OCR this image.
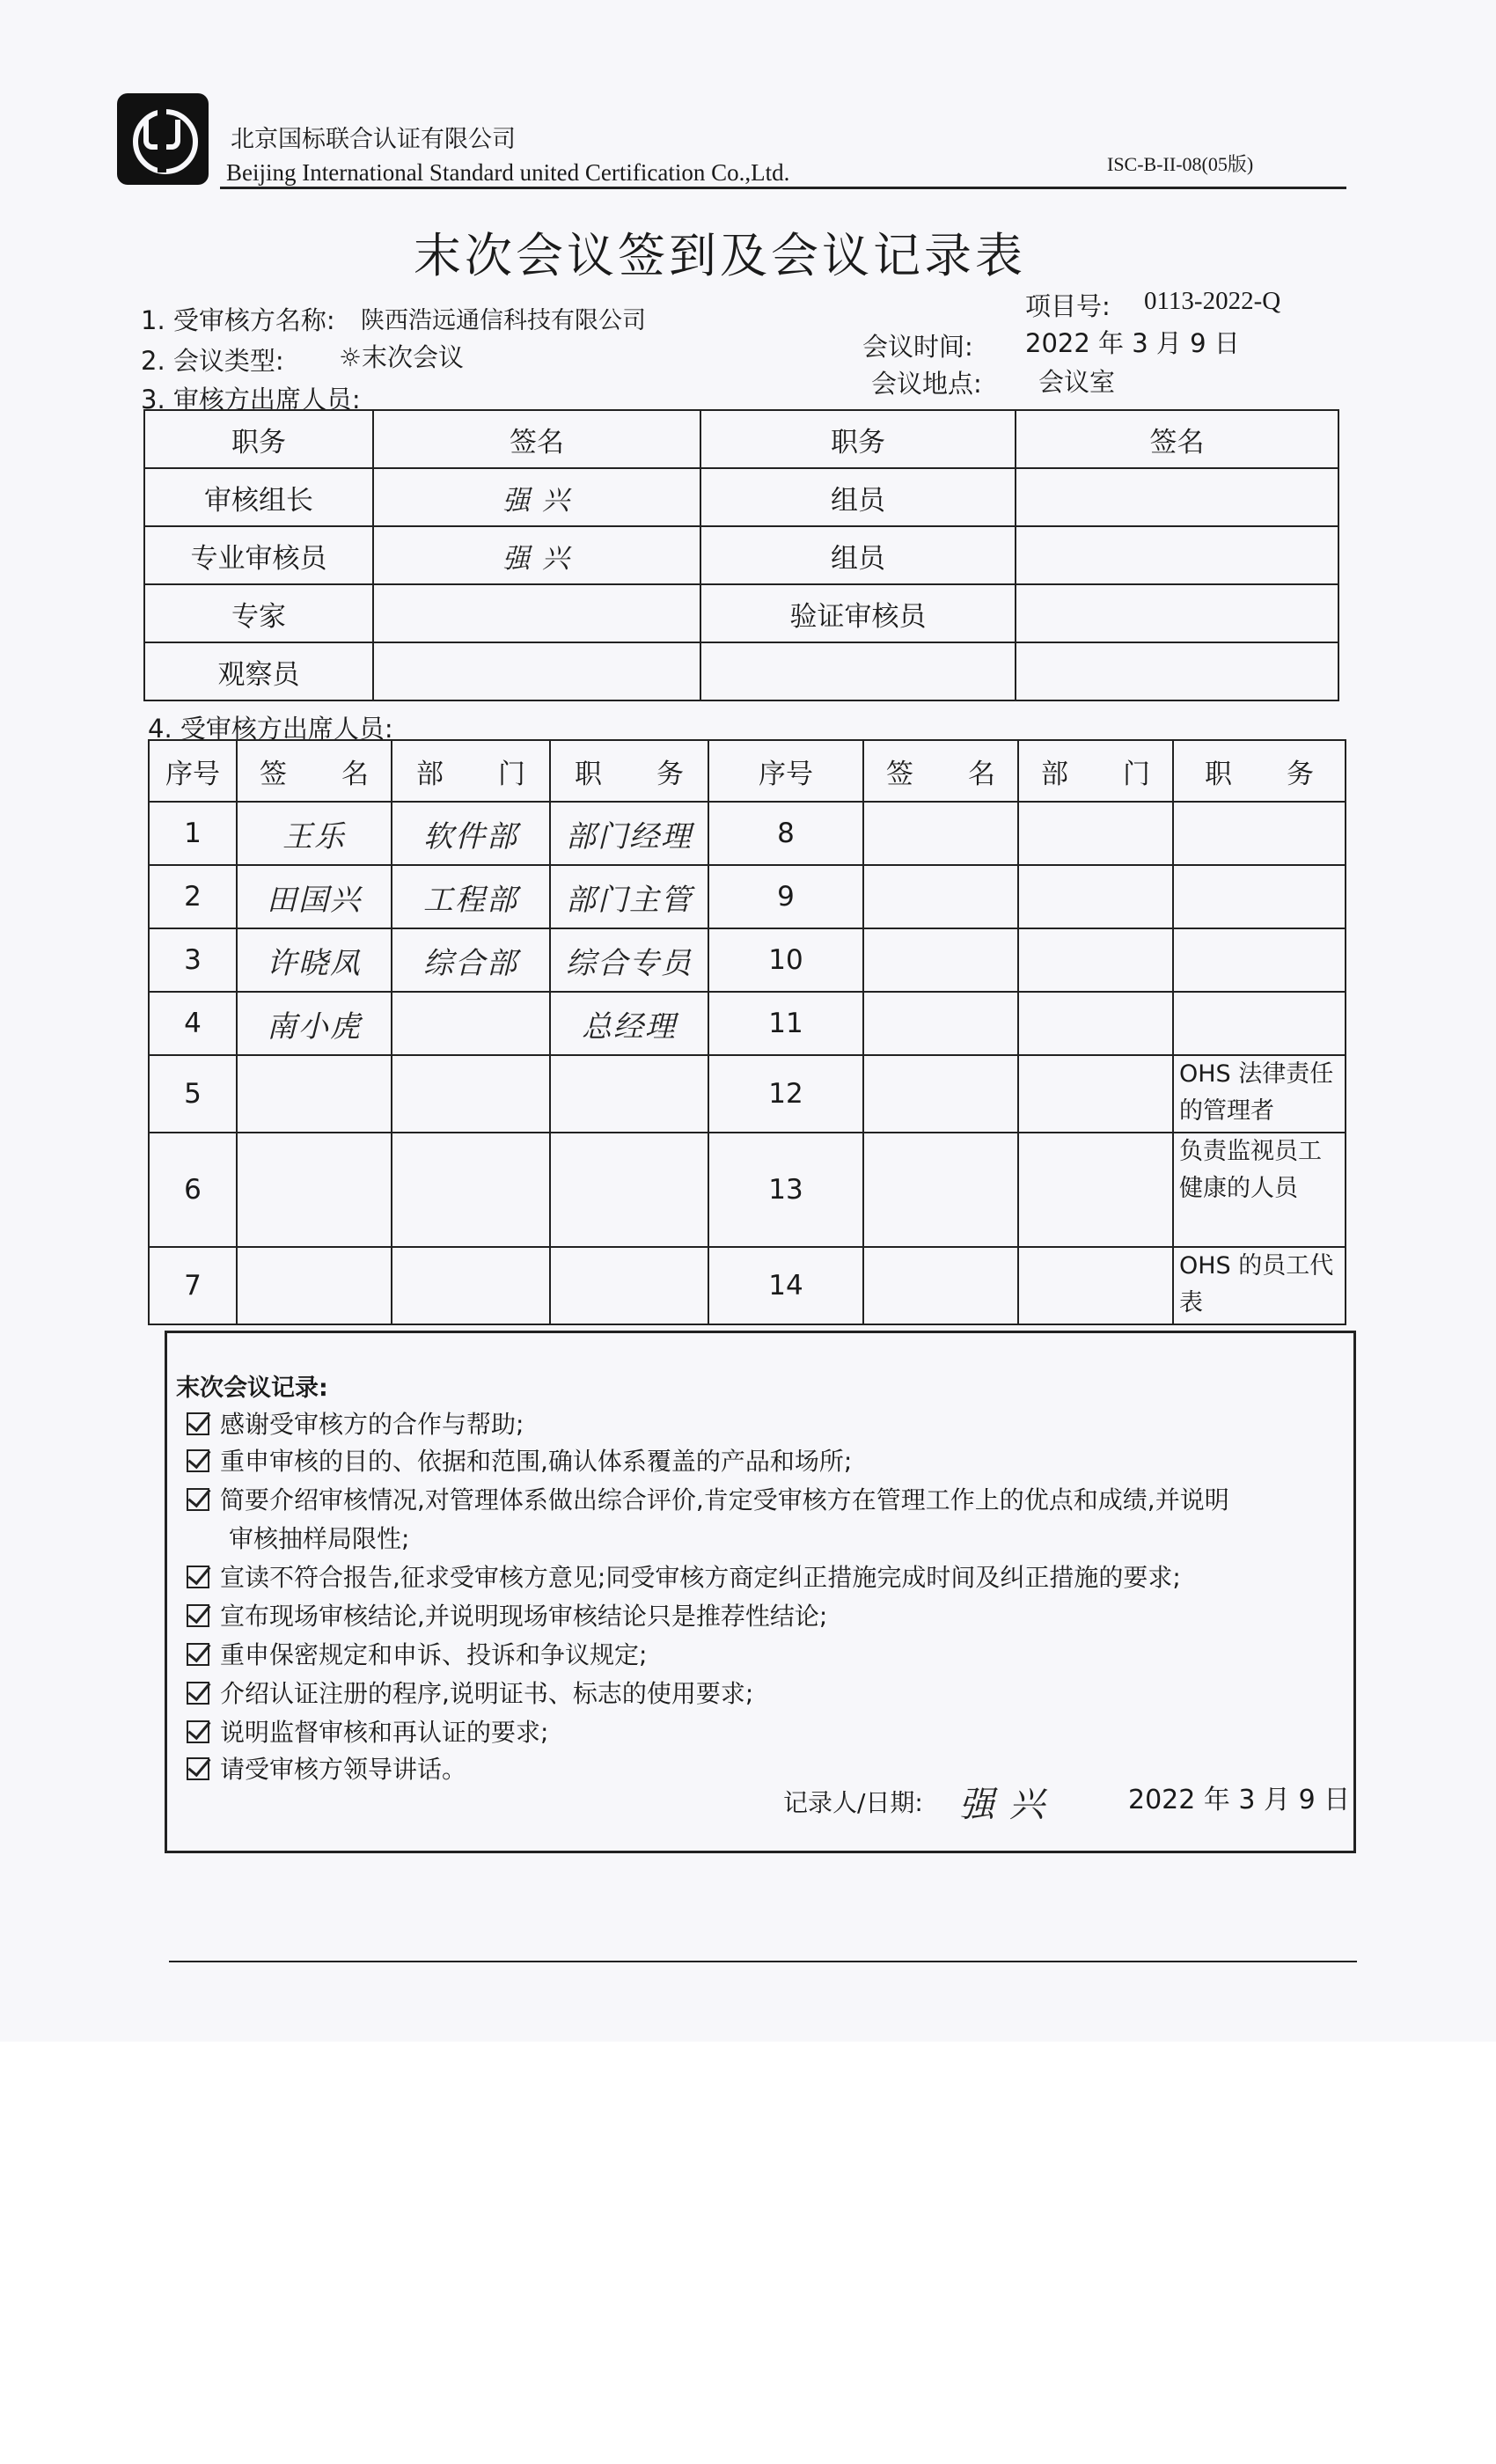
北京国标联合认证有限公司
Beijing International Standard united Certification Co.,Ltd.	ISC-B-II-08(05版)
末次会议签到及会议记录表
1. 受审核方名称: 陕西浩远通信科技有限公司	项目号: 0113-2022-Q
2. 会议类型: ☼末次会议	会议时间: 2022 年 3 月 9 日
会议地点: 会议室
3. 审核方出席人员:
职务	签名	职务	签名
审核组长	强 兴	组员	
专业审核员	强 兴	组员	
专家		验证审核员	
观察员			
4. 受审核方出席人员:
序号	签　　名	部　　门	职　　务	序号	签　　名	部　　门	职　　务
1	王乐	软件部	部门经理	8			
2	田国兴	工程部	部门主管	9			
3	许晓凤	综合部	综合专员	10			
4	南小虎		总经理	11			
5				12			OHS 法律责任的管理者
6				13			负责监视员工健康的人员
7				14			OHS 的员工代表
末次会议记录:
感谢受审核方的合作与帮助;
重申审核的目的、依据和范围,确认体系覆盖的产品和场所;
简要介绍审核情况,对管理体系做出综合评价,肯定受审核方在管理工作上的优点和成绩,并说明
审核抽样局限性;
宣读不符合报告,征求受审核方意见;同受审核方商定纠正措施完成时间及纠正措施的要求;
宣布现场审核结论,并说明现场审核结论只是推荐性结论;
重申保密规定和申诉、投诉和争议规定;
介绍认证注册的程序,说明证书、标志的使用要求;
说明监督审核和再认证的要求;
请受审核方领导讲话。
记录人/日期: 强 兴	2022 年 3 月 9 日
